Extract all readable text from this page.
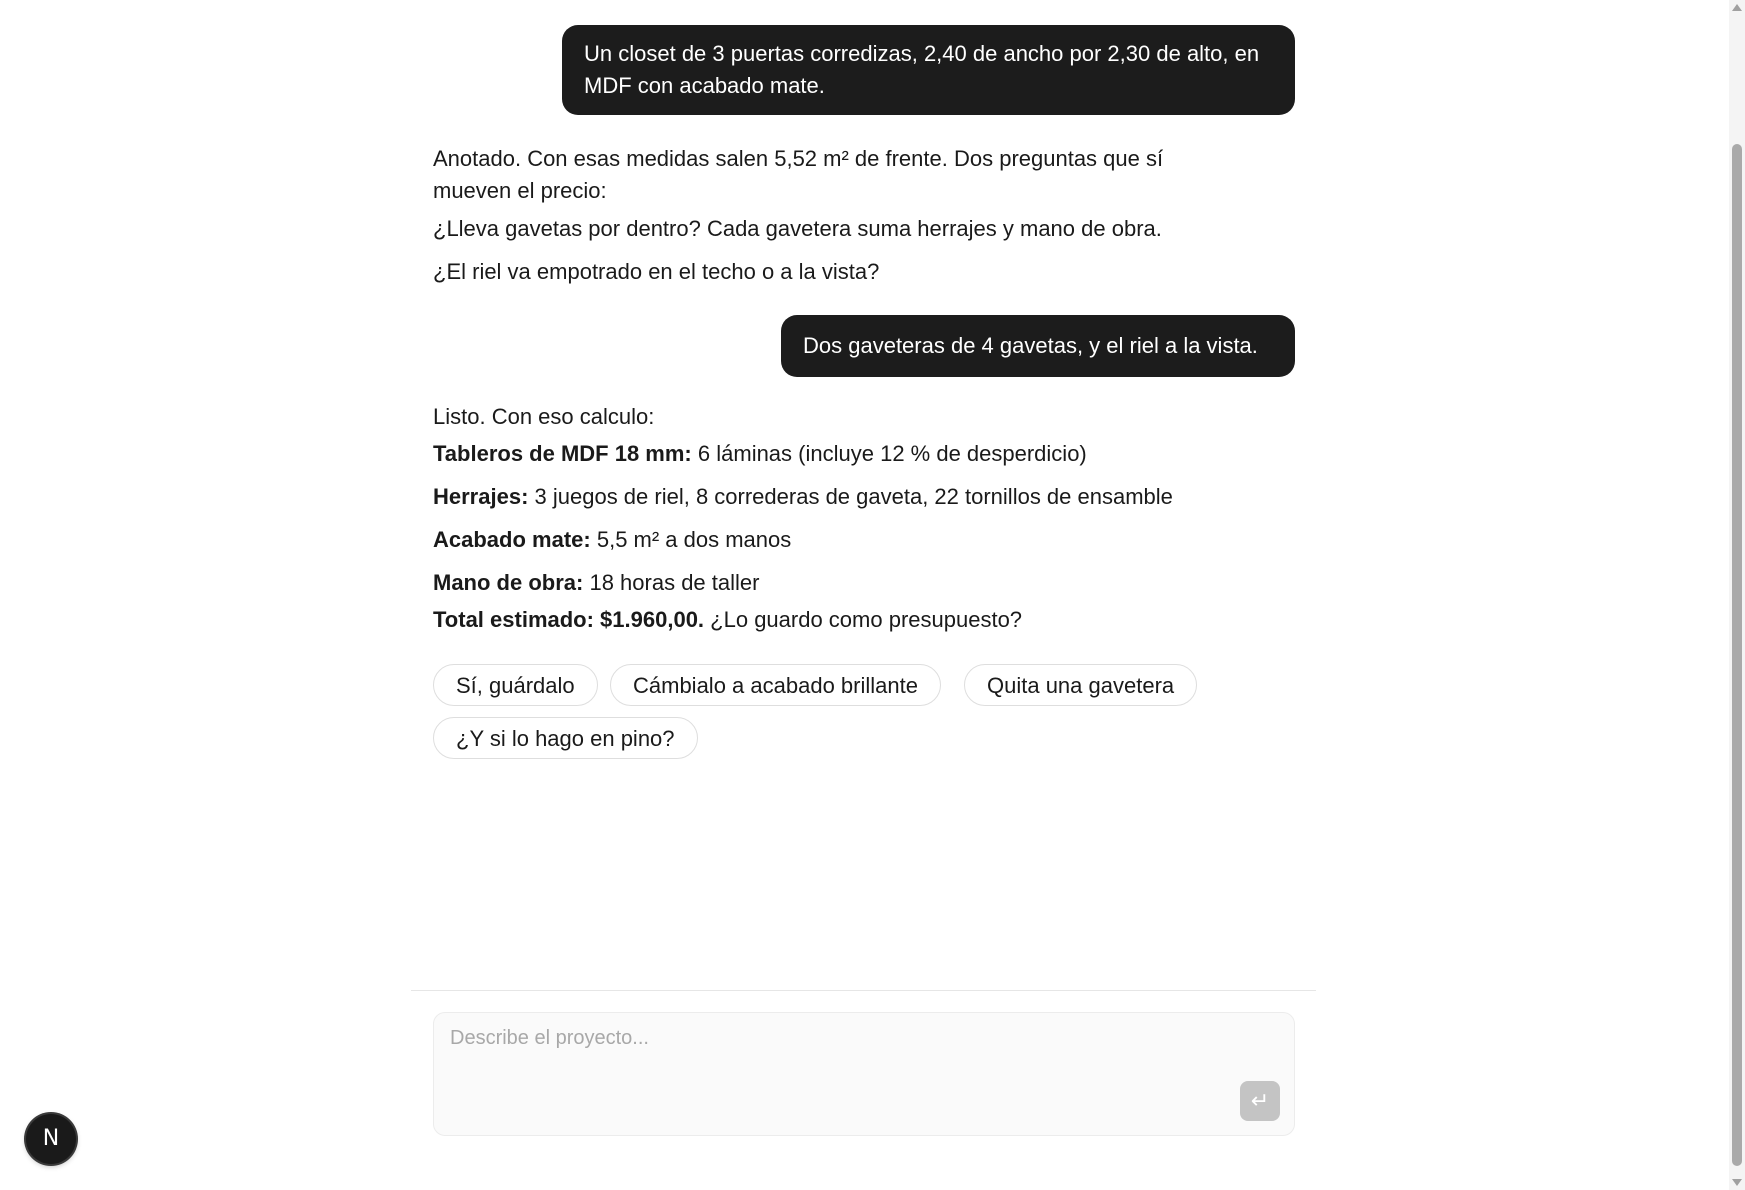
Un closet de 3 puertas corredizas, 2,40 de ancho por 2,30 de alto, en MDF con acabado mate.

Anotado. Con esas medidas salen 5,52 m² de frente. Dos preguntas que sí mueven el precio:

¿Lleva gavetas por dentro? Cada gavetera suma herrajes y mano de obra.

¿El riel va empotrado en el techo o a la vista?

Dos gaveteras de 4 gavetas, y el riel a la vista.

Listo. Con eso calculo:

Tableros de MDF 18 mm: 6 láminas (incluye 12 % de desperdicio)

Herrajes: 3 juegos de riel, 8 correderas de gaveta, 22 tornillos de ensamble

Acabado mate: 5,5 m² a dos manos

Mano de obra: 18 horas de taller

Total estimado: $1.960,00. ¿Lo guardo como presupuesto?

Sí, guárdalo	Cámbialo a acabado brillante	Quita una gavetera
¿Y si lo hago en pino?
Describe el proyecto...
↵
N
